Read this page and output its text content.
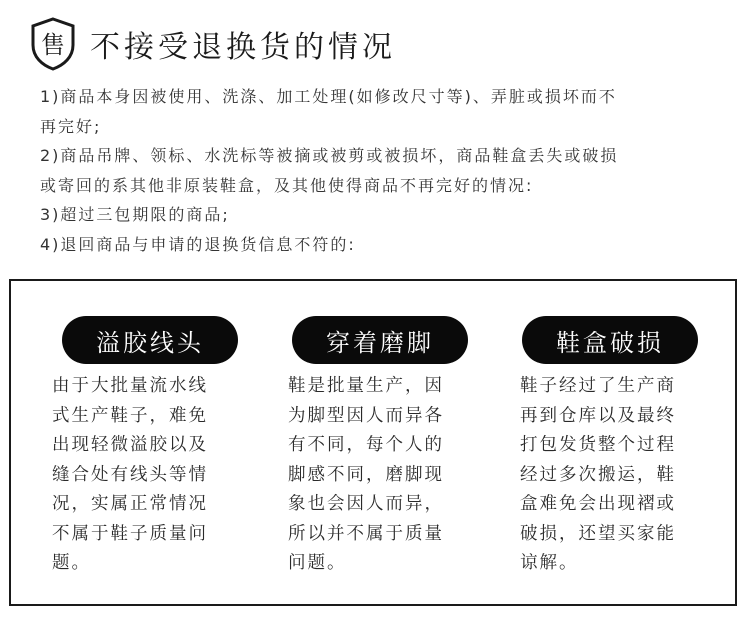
售 不接受退换货的情况

1)商品本身因被使用、洗涤、加工处理(如修改尺寸等)、弄脏或损坏而不

再完好;

2)商品吊牌、领标、水洗标等被摘或被剪或被损坏，商品鞋盒丢失或破损

或寄回的系其他非原装鞋盒，及其他使得商品不再完好的情况:

3)超过三包期限的商品;

4)退回商品与申请的退换货信息不符的:

溢胶线头
由于大批量流水线
式生产鞋子，难免
出现轻微溢胶以及
缝合处有线头等情
况，实属正常情况
不属于鞋子质量问
题。
穿着磨脚
鞋是批量生产，因
为脚型因人而异各
有不同，每个人的
脚感不同，磨脚现
象也会因人而异，
所以并不属于质量
问题。
鞋盒破损
鞋子经过了生产商
再到仓库以及最终
打包发货整个过程
经过多次搬运，鞋
盒难免会出现褶或
破损，还望买家能
谅解。
